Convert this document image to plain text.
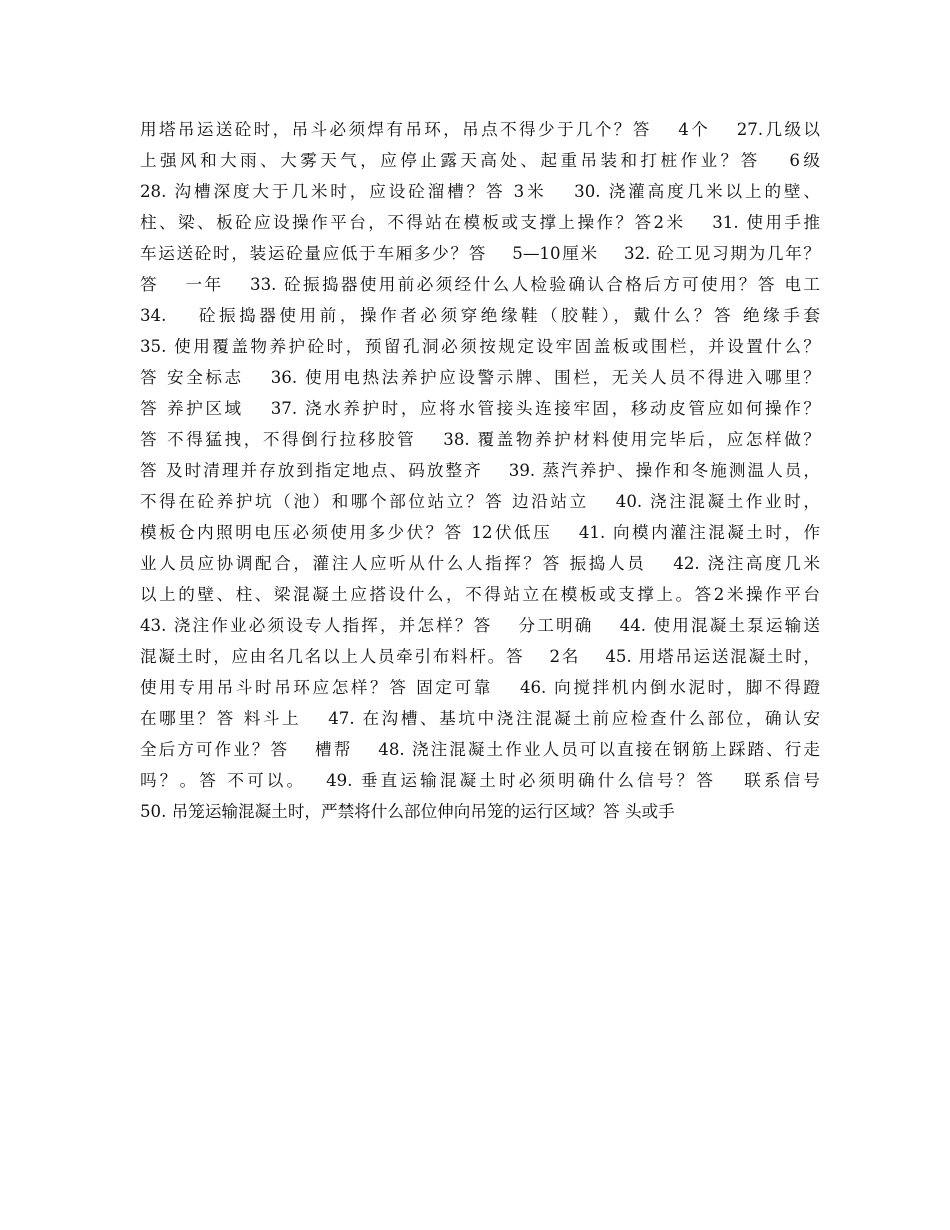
用塔吊运送砼时，吊斗必须焊有吊环，吊点不得少于几个？答　 4个　 27.几级以
上强风和大雨、大雾天气，应停止露天高处、起重吊装和打桩作业？答　 6级
28. 沟槽深度大于几米时，应设砼溜槽？答 3米　 30. 浇灌高度几米以上的壁、
柱、梁、板砼应设操作平台，不得站在模板或支撑上操作？答2米　 31. 使用手推
车运送砼时，装运砼量应低于车厢多少？答　 5—10厘米　 32. 砼工见习期为几年？
答　 一年　 33. 砼振捣器使用前必须经什么人检验确认合格后方可使用？答 电工
34.　 砼振捣器使用前，操作者必须穿绝缘鞋（胶鞋），戴什么？答 绝缘手套
35. 使用覆盖物养护砼时，预留孔洞必须按规定设牢固盖板或围栏，并设置什么？
答 安全标志　 36. 使用电热法养护应设警示牌、围栏，无关人员不得进入哪里？
答 养护区域　 37. 浇水养护时，应将水管接头连接牢固，移动皮管应如何操作？
答 不得猛拽，不得倒行拉移胶管　 38. 覆盖物养护材料使用完毕后，应怎样做？
答 及时清理并存放到指定地点、码放整齐　 39. 蒸汽养护、操作和冬施测温人员，
不得在砼养护坑（池）和哪个部位站立？答 边沿站立　 40. 浇注混凝土作业时，
模板仓内照明电压必须使用多少伏？答 12伏低压　 41. 向模内灌注混凝土时，作
业人员应协调配合，灌注人应听从什么人指挥？答 振捣人员　 42. 浇注高度几米
以上的壁、柱、梁混凝土应搭设什么，不得站立在模板或支撑上。答2米操作平台
43. 浇注作业必须设专人指挥，并怎样？答　 分工明确　 44. 使用混凝土泵运输送
混凝土时，应由名几名以上人员牵引布料杆。答　 2名　 45. 用塔吊运送混凝土时，
使用专用吊斗时吊环应怎样？答 固定可靠　 46. 向搅拌机内倒水泥时，脚不得蹬
在哪里？答 料斗上　 47. 在沟槽、基坑中浇注混凝土前应检查什么部位，确认安
全后方可作业？答　 槽帮　 48. 浇注混凝土作业人员可以直接在钢筋上踩踏、行走
吗？。答 不可以。　 49. 垂直运输混凝土时必须明确什么信号？答　 联系信号
50. 吊笼运输混凝土时，严禁将什么部位伸向吊笼的运行区域？答 头或手
